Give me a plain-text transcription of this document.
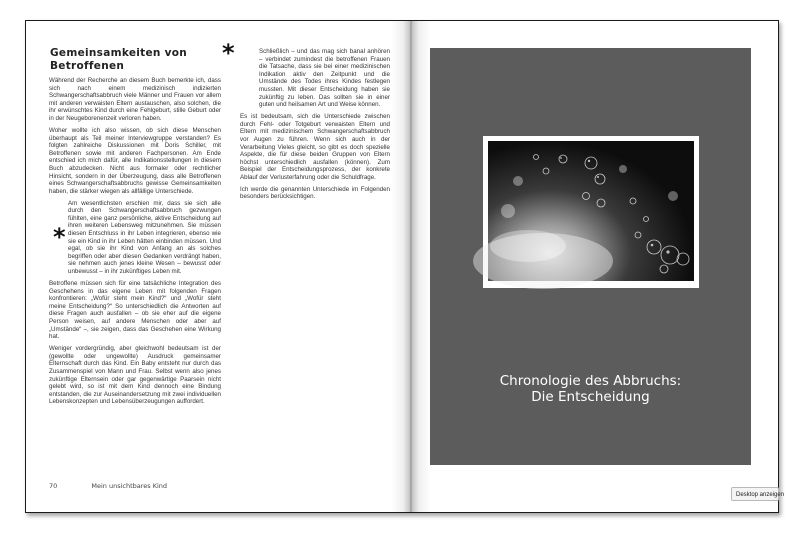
Gemeinsamkeiten von Betroffenen

Während der Recherche an diesem Buch bemerkte ich, dass sich nach einem medizinisch indizierten Schwangerschaftsabbruch viele Männer und Frauen vor allem mit anderen verwaisten Eltern austauschen, also solchen, die ihr erwünschtes Kind durch eine Fehlgeburt, stille Geburt oder in der Neugeborenenzeit verloren haben.

Woher wollte ich also wissen, ob sich diese Menschen überhaupt als Teil meiner Interviewgruppe verstanden? Es folgten zahlreiche Diskussionen mit Doris Schiller, mit Betroffenen sowie mit anderen Fachpersonen. Am Ende entschied ich mich dafür, alle Indikationsstellungen in diesem Buch abzudecken. Nicht aus formaler oder rechtlicher Hinsicht, sondern in der Überzeugung, dass alle Betroffenen eines Schwangerschaftsabbruchs gewisse Gemeinsamkeiten haben, die stärker wiegen als allfällige Unterschiede.

Am wesentlichsten erschien mir, dass sie sich alle durch den Schwangerschaftsabbruch gezwungen fühlten, eine ganz persönliche, aktive Entscheidung auf ihren weiteren Lebensweg mitzunehmen. Sie müssen diesen Entschluss in ihr Leben integrieren, ebenso wie sie ein Kind in ihr Leben hätten einbinden müssen. Und egal, ob sie ihr Kind von Anfang an als solches begriffen oder aber diesen Gedanken verdrängt haben, sie nehmen auch jenes kleine Wesen – bewusst oder unbewusst – in ihr zukünftiges Leben mit.

Betroffene müssen sich für eine tatsächliche Integration des Geschehens in das eigene Leben mit folgenden Fragen konfrontieren: „Wofür steht mein Kind?“ und „Wofür steht meine Entscheidung?“ So unterschiedlich die Antworten auf diese Fragen auch ausfallen – ob sie eher auf die eigene Person weisen, auf andere Menschen oder aber auf „Umstände“ –, sie zeigen, dass das Geschehen eine Wirkung hat.

Weniger vordergründig, aber gleichwohl bedeutsam ist der (gewollte oder ungewollte) Ausdruck gemeinsamer Elternschaft durch das Kind. Ein Baby entsteht nur durch das Zusammenspiel von Mann und Frau. Selbst wenn also jenes zukünftige Elternsein oder gar gegenwärtige Paarsein nicht gelebt wird, so ist mit dem Kind dennoch eine Bindung entstanden, die zur Auseinandersetzung mit zwei individuellen Lebenskonzepten und Lebensüberzeugungen auffordert.

*
*	Schließlich – und das mag sich banal anhören – verbindet zumindest die betroffenen Frauen die Tatsache, dass sie bei einer medizinischen Indikation aktiv den Zeitpunkt und die Umstände des Todes ihres Kindes festlegen mussten. Mit dieser Entscheidung haben sie zukünftig zu leben. Das sollten sie in einer guten und heilsamen Art und Weise können.

Es ist bedeutsam, sich die Unterschiede zwischen durch Fehl- oder Totgeburt verwaisten Eltern und Eltern mit medizinischem Schwangerschaftsabbruch vor Augen zu führen. Wenn sich auch in der Verarbeitung Vieles gleicht, so gibt es doch spezielle Aspekte, die für diese beiden Gruppen von Eltern höchst unterschiedlich ausfallen (können). Zum Beispiel der Entscheidungsprozess, der konkrete Ablauf der Verlusterfahrung oder die Schuldfrage.

Ich werde die genannten Unterschiede im Folgenden besonders berücksichtigen.

70	Mein unsichtbares Kind
Chronologie des Abbruchs:
Die Entscheidung
Desktop anzeigen
